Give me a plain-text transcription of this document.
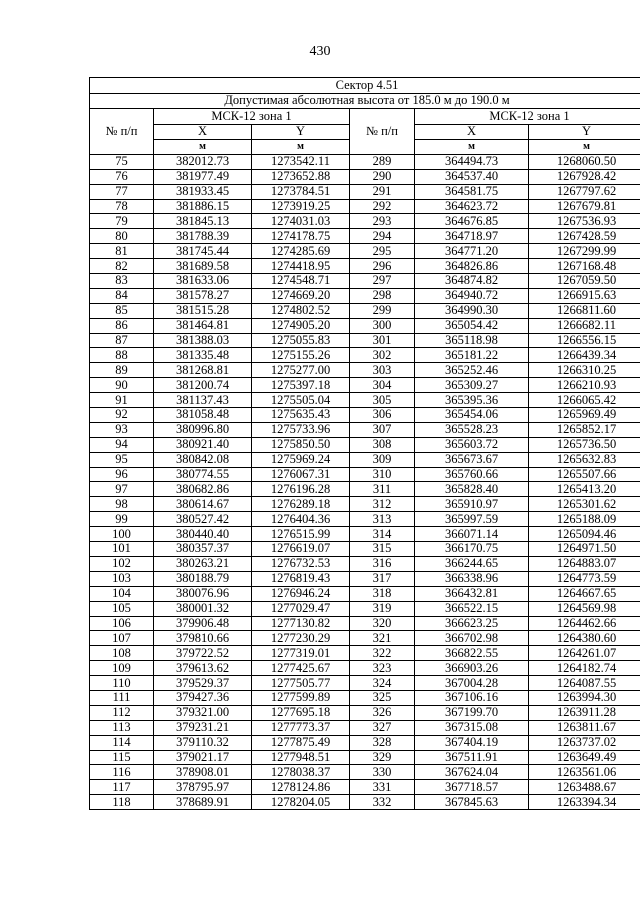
430
Сектор 4.51					
Допустимая абсолютная высота от 185.0 м до 190.0 м					
№ п/п	МСК-12 зона 1		№ п/п	МСК-12 зона 1	
	X	Y		X	Y
	м	м		м	м
75	382012.73	1273542.11	289	364494.73	1268060.50
76	381977.49	1273652.88	290	364537.40	1267928.42
77	381933.45	1273784.51	291	364581.75	1267797.62
78	381886.15	1273919.25	292	364623.72	1267679.81
79	381845.13	1274031.03	293	364676.85	1267536.93
80	381788.39	1274178.75	294	364718.97	1267428.59
81	381745.44	1274285.69	295	364771.20	1267299.99
82	381689.58	1274418.95	296	364826.86	1267168.48
83	381633.06	1274548.71	297	364874.82	1267059.50
84	381578.27	1274669.20	298	364940.72	1266915.63
85	381515.28	1274802.52	299	364990.30	1266811.60
86	381464.81	1274905.20	300	365054.42	1266682.11
87	381388.03	1275055.83	301	365118.98	1266556.15
88	381335.48	1275155.26	302	365181.22	1266439.34
89	381268.81	1275277.00	303	365252.46	1266310.25
90	381200.74	1275397.18	304	365309.27	1266210.93
91	381137.43	1275505.04	305	365395.36	1266065.42
92	381058.48	1275635.43	306	365454.06	1265969.49
93	380996.80	1275733.96	307	365528.23	1265852.17
94	380921.40	1275850.50	308	365603.72	1265736.50
95	380842.08	1275969.24	309	365673.67	1265632.83
96	380774.55	1276067.31	310	365760.66	1265507.66
97	380682.86	1276196.28	311	365828.40	1265413.20
98	380614.67	1276289.18	312	365910.97	1265301.62
99	380527.42	1276404.36	313	365997.59	1265188.09
100	380440.40	1276515.99	314	366071.14	1265094.46
101	380357.37	1276619.07	315	366170.75	1264971.50
102	380263.21	1276732.53	316	366244.65	1264883.07
103	380188.79	1276819.43	317	366338.96	1264773.59
104	380076.96	1276946.24	318	366432.81	1264667.65
105	380001.32	1277029.47	319	366522.15	1264569.98
106	379906.48	1277130.82	320	366623.25	1264462.66
107	379810.66	1277230.29	321	366702.98	1264380.60
108	379722.52	1277319.01	322	366822.55	1264261.07
109	379613.62	1277425.67	323	366903.26	1264182.74
110	379529.37	1277505.77	324	367004.28	1264087.55
111	379427.36	1277599.89	325	367106.16	1263994.30
112	379321.00	1277695.18	326	367199.70	1263911.28
113	379231.21	1277773.37	327	367315.08	1263811.67
114	379110.32	1277875.49	328	367404.19	1263737.02
115	379021.17	1277948.51	329	367511.91	1263649.49
116	378908.01	1278038.37	330	367624.04	1263561.06
117	378795.97	1278124.86	331	367718.57	1263488.67
118	378689.91	1278204.05	332	367845.63	1263394.34
